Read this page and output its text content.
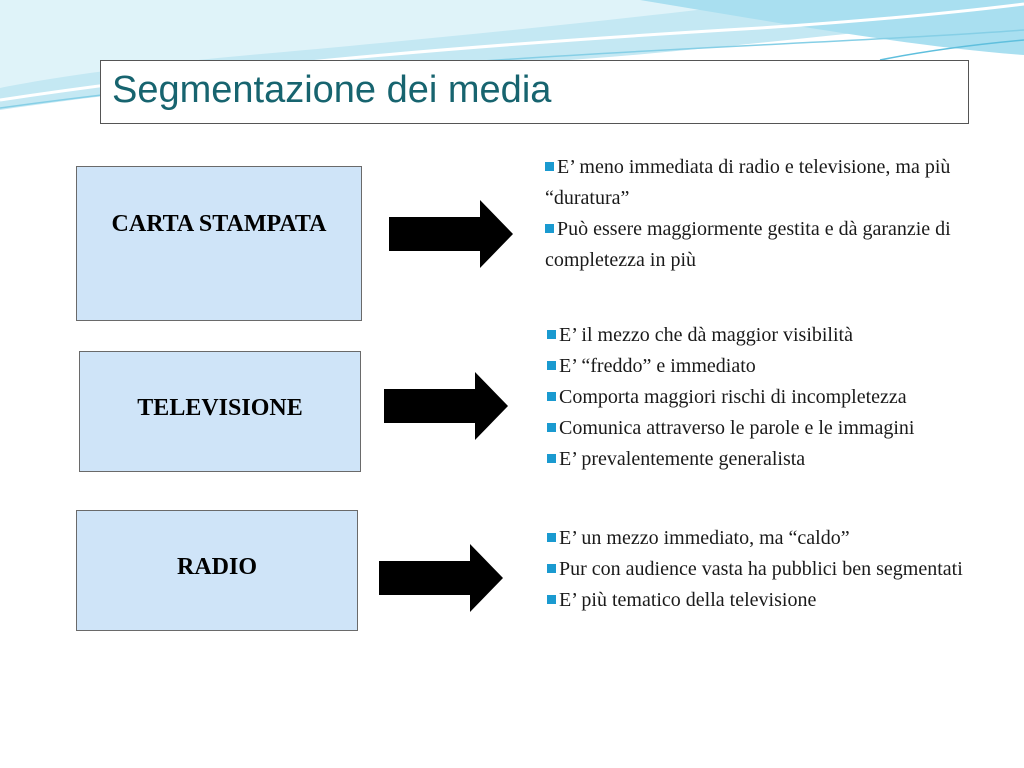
Segmentazione dei media
CARTA STAMPATA
E’ meno immediata di radio e televisione, ma più “duratura”
Può essere maggiormente gestita e dà garanzie di completezza in più
TELEVISIONE
E’ il mezzo che dà maggior visibilità
E’ “freddo” e immediato
Comporta maggiori rischi di incompletezza
Comunica attraverso le parole e le immagini
E’ prevalentemente generalista
RADIO
E’ un mezzo immediato, ma “caldo”
Pur con audience vasta ha pubblici ben segmentati
E’ più tematico della televisione
